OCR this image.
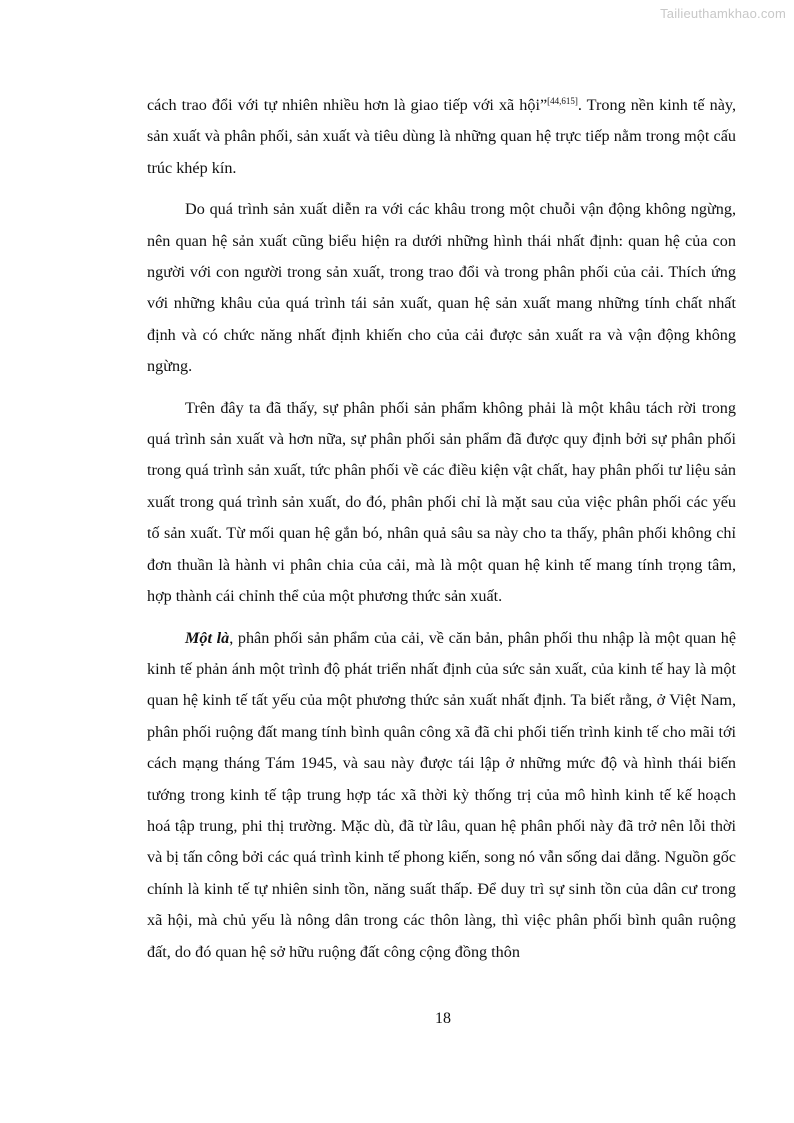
Tailieuthamkhao.com

cách trao đổi với tự nhiên nhiều hơn là giao tiếp với xã hội”[44,615]. Trong nền kinh tế này, sản xuất và phân phối, sản xuất và tiêu dùng là những quan hệ trực tiếp nằm trong một cấu trúc khép kín.

Do quá trình sản xuất diễn ra với các khâu trong một chuỗi vận động không ngừng, nên quan hệ sản xuất cũng biểu hiện ra dưới những hình thái nhất định: quan hệ của con người với con người trong sản xuất, trong trao đổi và trong phân phối của cải. Thích ứng với những khâu của quá trình tái sản xuất, quan hệ sản xuất mang những tính chất nhất định và có chức năng nhất định khiến cho của cải được sản xuất ra và vận động không ngừng.

Trên đây ta đã thấy, sự phân phối sản phẩm không phải là một khâu tách rời trong quá trình sản xuất và hơn nữa, sự phân phối sản phẩm đã được quy định bởi sự phân phối trong quá trình sản xuất, tức phân phối về các điều kiện vật chất, hay phân phối tư liệu sản xuất trong quá trình sản xuất, do đó, phân phối chỉ là mặt sau của việc phân phối các yếu tố sản xuất. Từ mối quan hệ gắn bó, nhân quả sâu sa này cho ta thấy, phân phối không chỉ đơn thuần là hành vi phân chia của cải, mà là một quan hệ kinh tế mang tính trọng tâm, hợp thành cái chỉnh thể của một phương thức sản xuất.

Một là, phân phối sản phẩm của cải, về căn bản, phân phối thu nhập là một quan hệ kinh tế phản ánh một trình độ phát triển nhất định của sức sản xuất, của kinh tế hay là một quan hệ kinh tế tất yếu của một phương thức sản xuất nhất định. Ta biết rằng, ở Việt Nam, phân phối ruộng đất mang tính bình quân công xã đã chi phối tiến trình kinh tế cho mãi tới cách mạng tháng Tám 1945, và sau này được tái lập ở những mức độ và hình thái biến tướng trong kinh tế tập trung hợp tác xã thời kỳ thống trị của mô hình kinh tế kế hoạch hoá tập trung, phi thị trường. Mặc dù, đã từ lâu, quan hệ phân phối này đã trở nên lỗi thời và bị tấn công bởi các quá trình kinh tế phong kiến, song nó vẫn sống dai dẳng. Nguồn gốc chính là kinh tế tự nhiên sinh tồn, năng suất thấp. Để duy trì sự sinh tồn của dân cư trong xã hội, mà chủ yếu là nông dân trong các thôn làng, thì việc phân phối bình quân ruộng đất, do đó quan hệ sở hữu ruộng đất công cộng đồng thôn

18
